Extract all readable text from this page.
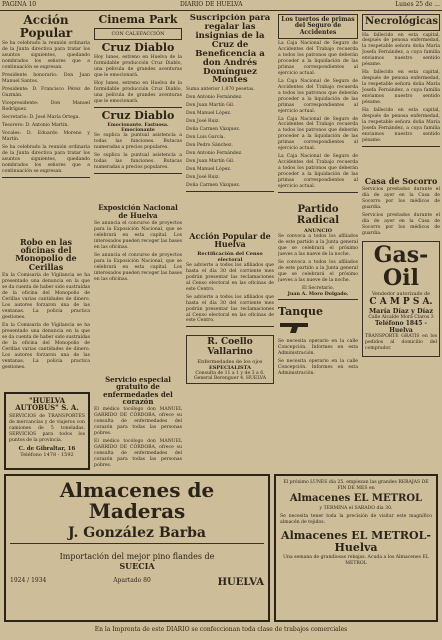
PAGINA 10	DIARIO DE HUELVA	Lunes 25 de ...
Acción Popular
Se ha celebrado la reunión ordinaria de la Junta directiva para tratar los asuntos siguientes, quedando nombrados los señores que a continuación se expresan.
Presidente honorario: Don Juan Manuel Santos.
Presidente: D. Francisco Pérez de Guzmán.
Vicepresidente: Don Manuel Rodríguez.
Secretario: D. José María Ortega.
Tesorero: D. Antonio Martín.
Vocales: D. Eduardo Moreno y Martín.
Se ha celebrado la reunión ordinaria de la Junta directiva para tratar los asuntos siguientes, quedando nombrados los señores que a continuación se expresan.
Robo en las oficinas del Monopolio de Cerillas
En la Comisaría de Vigilancia se ha presentado una denuncia en la que se da cuenta de haber sido sustraídas de la oficina del Monopolio de Cerillas varias cantidades de dinero. Los autores forzaron una de las ventanas. La policía practica gestiones.
En la Comisaría de Vigilancia se ha presentado una denuncia en la que se da cuenta de haber sido sustraídas de la oficina del Monopolio de Cerillas varias cantidades de dinero. Los autores forzaron una de las ventanas. La policía practica gestiones.
Cinema Park
CON CALEFACCIÓN
Cruz Diablo
Hoy lunes, estreno en Huelva de la formidable producción Cruz Diablo, una película de grandes aventuras que le emocionará.
Hoy lunes, estreno en Huelva de la formidable producción Cruz Diablo, una película de grandes aventuras que le emocionará.
Cruz Diablo
Emocionante. Fastuosa. Emocionante
Se suplica la puntual asistencia a todas las funciones. Butacas numeradas a precios populares.
Se suplica la puntual asistencia a todas las funciones. Butacas numeradas a precios populares.
Exposición Nacional de Huelva
Se anuncia el concurso de proyectos para la Exposición Nacional, que se celebrará en esta capital. Los interesados pueden recoger las bases en las oficinas.
Se anuncia el concurso de proyectos para la Exposición Nacional, que se celebrará en esta capital. Los interesados pueden recoger las bases en las oficinas.
Servicio especial gratuito de enfermedades del corazón
El médico tocólogo don MANUEL GARRIDO DE CÓRDOBA, ofrece su consulta de enfermedades del corazón para todas las personas pobres.
El médico tocólogo don MANUEL GARRIDO DE CÓRDOBA, ofrece su consulta de enfermedades del corazón para todas las personas pobres.
Suscripción para regalar las insignias de la Cruz de Beneficencia a don Andrés Domínguez Montes
Suma anterior 1.870 pesetas.
Don Antonio Fernández.
Don Juan Martín Gil.
Don Manuel López.
Don José Ruiz.
Doña Carmen Vázquez.
Don Luis García.
Don Pedro Sánchez.
Don Antonio Fernández.
Don Juan Martín Gil.
Don Manuel López.
Don José Ruiz.
Doña Carmen Vázquez.
Acción Popular de Huelva
Rectificación del Censo electoral
Se advierte a todos los afiliados que hasta el día 30 del corriente mes podrán presentar las reclamaciones al Censo electoral en las oficinas de este Centro.
Se advierte a todos los afiliados que hasta el día 30 del corriente mes podrán presentar las reclamaciones al Censo electoral en las oficinas de este Centro.
R. Coello Vallarino
Enfermedades de los ojos
ESPECIALISTA
Consulta de 11 a 1 y de 3 a 6. General Berenguer 4. HUELVA
Los tuertos de primas del Seguro de Accidentes
La Caja Nacional de Seguro de Accidentes del Trabajo recuerda a todos los patronos que deberán proceder a la liquidación de las primas correspondientes al ejercicio actual.
La Caja Nacional de Seguro de Accidentes del Trabajo recuerda a todos los patronos que deberán proceder a la liquidación de las primas correspondientes al ejercicio actual.
La Caja Nacional de Seguro de Accidentes del Trabajo recuerda a todos los patronos que deberán proceder a la liquidación de las primas correspondientes al ejercicio actual.
La Caja Nacional de Seguro de Accidentes del Trabajo recuerda a todos los patronos que deberán proceder a la liquidación de las primas correspondientes al ejercicio actual.
Partido Radical
ANUNCIO
Se convoca a todos los afiliados de este partido a la Junta general que se celebrará el próximo jueves a las nueve de la noche.
Se convoca a todos los afiliados de este partido a la Junta general que se celebrará el próximo jueves a las nueve de la noche.
El Secretario,
Juan A. Moro Dolgado.
Tanque
Se necesita operario en la calle Concepción. Informes en esta Administración.
Se necesita operario en la calle Concepción. Informes en esta Administración.
Necrológicas
Ha fallecido en esta capital, después de penosa enfermedad, la respetable señora doña María Josefa Fernández, a cuya familia enviamos nuestro sentido pésame.
Ha fallecido en esta capital, después de penosa enfermedad, la respetable señora doña María Josefa Fernández, a cuya familia enviamos nuestro sentido pésame.
Ha fallecido en esta capital, después de penosa enfermedad, la respetable señora doña María Josefa Fernández, a cuya familia enviamos nuestro sentido pésame.
Casa de Socorro
Servicios prestados durante el día de ayer en la Casa de Socorro por los médicos de guardia.
Servicios prestados durante el día de ayer en la Casa de Socorro por los médicos de guardia.
Gas-Oil
Vendedor autorizado de
C A M P S A.
María Díaz y Díaz
Calle Alcalde Mora Claros 3
Teléfono 1845 - Huelva
TRANSPORTE GRATIS en los pedidos al domicilio del comprador.
"HUELVA AUTOBUS" S. A.
SERVICIOS de TRANSPORTES de mercancías y de viajeros con camiones de 5 toneladas. SERVICIOS para todos los puntos de la provincia.
C. de Gibraltar, 16
Teléfono 1478 - 1592
Almacenes de Maderas
J. González Barba
Importación del mejor pino flandes de
SUECIA
1924 / 1934	Apartado 80	HUELVA
El próximo LUNES día 25, empiezan las grandes REBAJAS DE FIN DE MES en
Almacenes EL METROL
y TERMINA el SABADO día 30.
Se necesita tener toda la precisión de visitar este magnífico almacén de tejidos.
Almacenes EL METROL-Huelva
Una semana de grandiosas rebajas. Acuda a los Almacenes EL METROL
En la Imprenta de este DIARIO se confeccionan toda clase de trabajos comerciales
